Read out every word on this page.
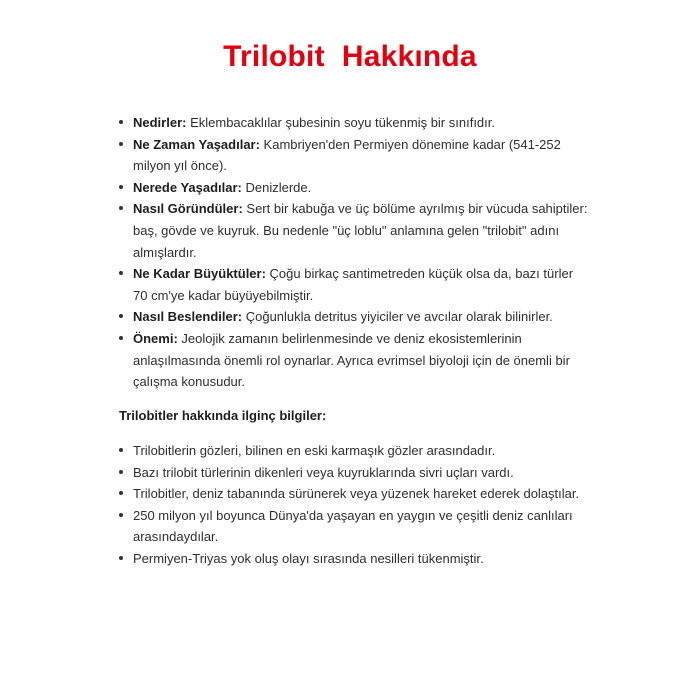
Trilobit  Hakkında
Nedirler: Eklembacaklılar şubesinin soyu tükenmiş bir sınıfıdır.
Ne Zaman Yaşadılar: Kambriyen'den Permiyen dönemine kadar (541-252 milyon yıl önce).
Nerede Yaşadılar: Denizlerde.
Nasıl Göründüler: Sert bir kabuğa ve üç bölüme ayrılmış bir vücuda sahiptiler: baş, gövde ve kuyruk. Bu nedenle "üç loblu" anlamına gelen "trilobit" adını almışlardır.
Ne Kadar Büyüktüler: Çoğu birkaç santimetreden küçük olsa da, bazı türler 70 cm'ye kadar büyüyebilmiştir.
Nasıl Beslendiler: Çoğunlukla detritus yiyiciler ve avcılar olarak bilinirler.
Önemi: Jeolojik zamanın belirlenmesinde ve deniz ekosistemlerinin anlaşılmasında önemli rol oynarlar. Ayrıca evrimsel biyoloji için de önemli bir çalışma konusudur.
Trilobitler hakkında ilginç bilgiler:
Trilobitlerin gözleri, bilinen en eski karmaşık gözler arasındadır.
Bazı trilobit türlerinin dikenleri veya kuyruklarında sivri uçları vardı.
Trilobitler, deniz tabanında sürünerek veya yüzenek hareket ederek dolaştılar.
250 milyon yıl boyunca Dünya'da yaşayan en yaygın ve çeşitli deniz canlıları arasındaydılar.
Permiyen-Triyas yok oluş olayı sırasında nesilleri tükenmiştir.
